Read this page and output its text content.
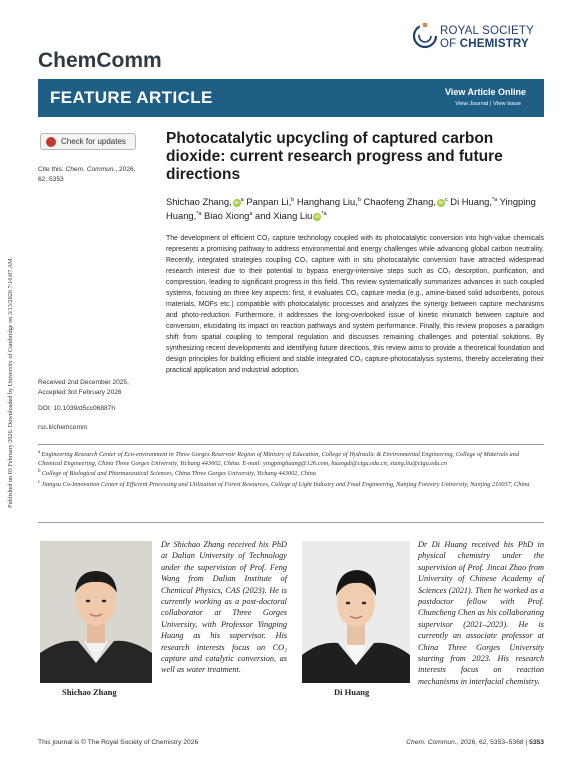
Published on 03 February 2026. Downloaded by University of Cambridge on 3/13/2026 7:16:07 AM.
ROYAL SOCIETY
OF CHEMISTRY
ChemComm
FEATURE ARTICLE	View Article Online
View Journal | View Issue
Check for updates
Cite this: Chem. Commun., 2026, 62, 5353
Photocatalytic upcycling of captured carbon dioxide: current research progress and future directions
Shichao Zhang, iD $^a$ Panpan Li,$^b$ Hanghang Liu,$^b$ Chaofeng Zhang, iD $^c$ Di Huang,$^{*a}$ Yingping Huang,$^{*a}$ Biao Xiong$^a$ and Xiang Liu iD $^{*a}$
The development of efficient CO₂ capture technology coupled with its photocatalytic conversion into high-value chemicals represents a promising pathway to address environmental and energy challenges while advancing global carbon neutrality. Recently, integrated strategies coupling CO₂ capture with in situ photocatalytic conversion have attracted widespread research interest due to their potential to bypass energy-intensive steps such as CO₂ desorption, purification, and compression, leading to significant progress in this field. This review systematically summarizes advances in such coupled systems, focusing on three key aspects: first, it evaluates CO₂ capture media (e.g., amine-based solid adsorbents, porous materials, MOFs etc.) compatible with photocatalytic processes and analyzes the synergy between capture mechanisms and photo-reduction. Furthermore, it addresses the long-overlooked issue of kinetic mismatch between capture and conversion, elucidating its impact on reaction pathways and system performance. Finally, this review proposes a paradigm shift from spatial coupling to temporal regulation and discusses remaining challenges and potential solutions. By synthesizing recent developments and identifying future directions, this review aims to provide a theoretical foundation and design principles for building efficient and stable integrated CO₂ capture-photocatalysis systems, thereby accelerating their practical application and industrial adoption.
Received 2nd December 2025,
Accepted 3rd February 2026
DOI: 10.1039/d5cc06887h
rsc.li/chemcomm
$^a$ Engineering Research Center of Eco-environment in Three Gorges Reservoir Region of Ministry of Education, College of Hydraulic & Environmental Engineering, College of Materials and Chemical Engineering, China Three Gorges University, Yichang 443002, China. E-mail: yingpinghuang@126.com, huangdi@ctgu.edu.cn, xiang.liu@ctgu.edu.cn
$^b$ College of Biological and Pharmaceutical Sciences, China Three Gorges University, Yichang 443002, China
$^c$ Jiangsu Co-Innovation Center of Efficient Processing and Utilization of Forest Resources, College of Light Industry and Food Engineering, Nanjing Forestry University, Nanjing 210037, China
Shichao Zhang
Dr Shichao Zhang received his PhD at Dalian University of Technology under the supervision of Prof. Feng Wang from Dalian Institute of Chemical Physics, CAS (2023). He is currently working as a post-doctoral collaborator at Three Gorges University, with Professor Yingping Huang as his supervisor. His research interests focus on CO₂ capture and catalytic conversion, as well as water treatment.
Di Huang
Dr Di Huang received his PhD in physical chemistry under the supervision of Prof. Jincai Zhao from University of Chinese Academy of Sciences (2021). Then he worked as a postdoctor fellow with Prof. Chuncheng Chen as his collaborating supervisor (2021–2023). He is currently an associate professor at China Three Gorges University starting from 2023. His research interests focus on reaction mechanisms in interfacial chemistry.
This journal is © The Royal Society of Chemistry 2026	Chem. Commun., 2026, 62, 5353–5368 | 5353
